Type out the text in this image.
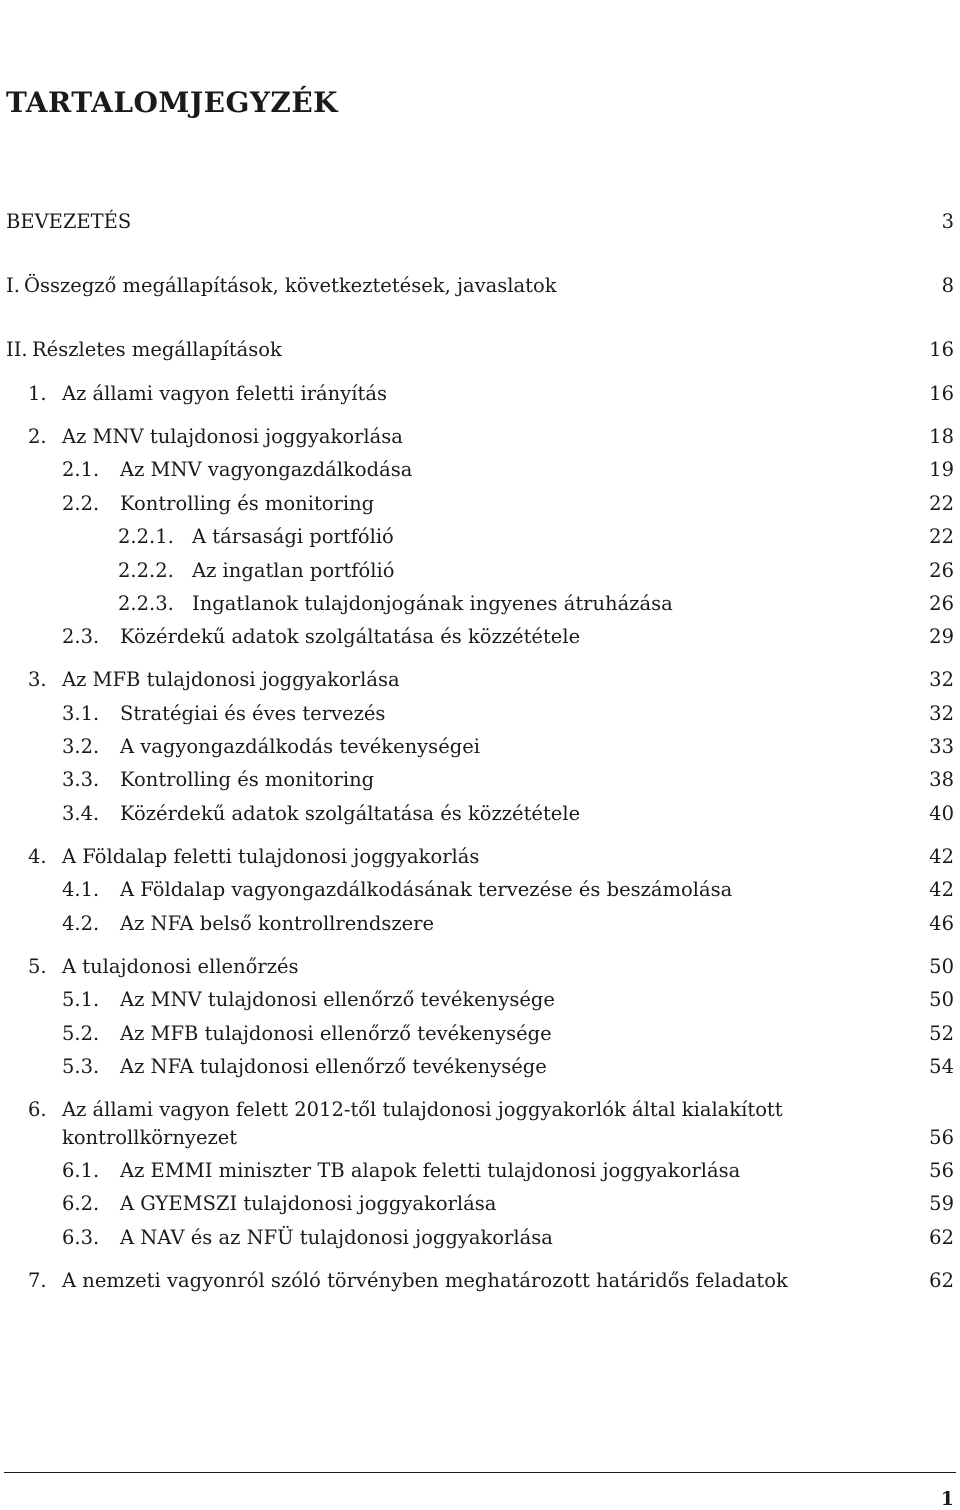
TARTALOMJEGYZÉK
BEVEZETÉS	3
I. Összegző megállapítások, következtetések, javaslatok	8
II. Részletes megállapítások	16
1. Az állami vagyon feletti irányítás	16
2. Az MNV tulajdonosi joggyakorlása	18
2.1. Az MNV vagyongazdálkodása	19
2.2. Kontrolling és monitoring	22
2.2.1. A társasági portfólió	22
2.2.2. Az ingatlan portfólió	26
2.2.3. Ingatlanok tulajdonjogának ingyenes átruházása	26
2.3. Közérdekű adatok szolgáltatása és közzététele	29
3. Az MFB tulajdonosi joggyakorlása	32
3.1. Stratégiai és éves tervezés	32
3.2. A vagyongazdálkodás tevékenységei	33
3.3. Kontrolling és monitoring	38
3.4. Közérdekű adatok szolgáltatása és közzététele	40
4. A Földalap feletti tulajdonosi joggyakorlás	42
4.1. A Földalap vagyongazdálkodásának tervezése és beszámolása	42
4.2. Az NFA belső kontrollrendszere	46
5. A tulajdonosi ellenőrzés	50
5.1. Az MNV tulajdonosi ellenőrző tevékenysége	50
5.2. Az MFB tulajdonosi ellenőrző tevékenysége	52
5.3. Az NFA tulajdonosi ellenőrző tevékenysége	54
6. Az állami vagyon felett 2012-től tulajdonosi joggyakorlók által kialakított kontrollkörnyezet	56
6.1. Az EMMI miniszter TB alapok feletti tulajdonosi joggyakorlása	56
6.2. A GYEMSZI tulajdonosi joggyakorlása	59
6.3. A NAV és az NFÜ tulajdonosi joggyakorlása	62
7. A nemzeti vagyonról szóló törvényben meghatározott határidős feladatok	62
1
